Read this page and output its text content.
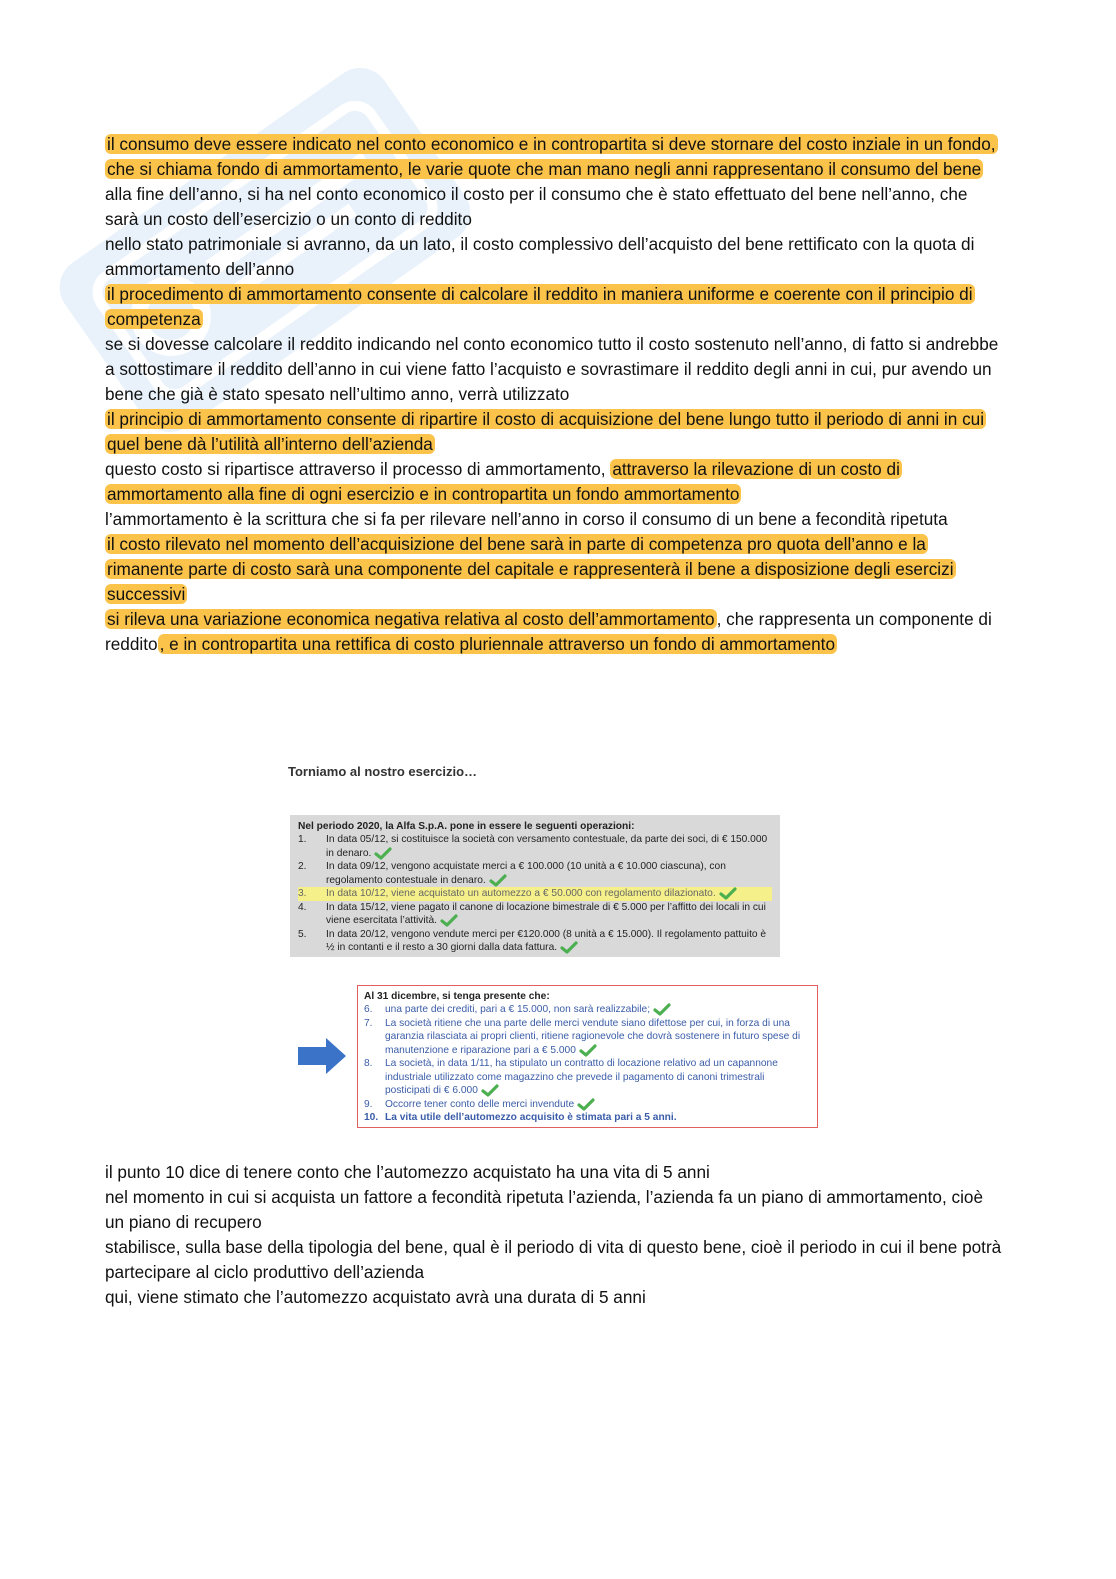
il consumo deve essere indicato nel conto economico e in contropartita si deve stornare del costo inziale in un fondo, che si chiama fondo di ammortamento, le varie quote che man mano negli anni rappresentano il consumo del bene

alla fine dell’anno, si ha nel conto economico il costo per il consumo che è stato effettuato del bene nell’anno, che sarà un costo dell’esercizio o un conto di reddito

nello stato patrimoniale si avranno, da un lato, il costo complessivo dell’acquisto del bene rettificato con la quota di ammortamento dell’anno

il procedimento di ammortamento consente di calcolare il reddito in maniera uniforme e coerente con il principio di competenza

se si dovesse calcolare il reddito indicando nel conto economico tutto il costo sostenuto nell’anno, di fatto si andrebbe a sottostimare il reddito dell’anno in cui viene fatto l’acquisto e sovrastimare il reddito degli anni in cui, pur avendo un bene che già è stato spesato nell’ultimo anno, verrà utilizzato

il principio di ammortamento consente di ripartire il costo di acquisizione del bene lungo tutto il periodo di anni in cui quel bene dà l’utilità all’interno dell’azienda

questo costo si ripartisce attraverso il processo di ammortamento, attraverso la rilevazione di un costo di ammortamento alla fine di ogni esercizio e in contropartita un fondo ammortamento

l’ammortamento è la scrittura che si fa per rilevare nell’anno in corso il consumo di un bene a fecondità ripetuta

il costo rilevato nel momento dell’acquisizione del bene sarà in parte di competenza pro quota dell’anno e la rimanente parte di costo sarà una componente del capitale e rappresenterà il bene a disposizione degli esercizi successivi

si rileva una variazione economica negativa relativa al costo dell’ammortamento , che rappresenta un componente di reddito , e in contropartita una rettifica di costo pluriennale attraverso un fondo di ammortamento

Torniamo al nostro esercizio…
Nel periodo 2020, la Alfa S.p.A. pone in essere le seguenti operazioni:
1.	In data 05/12, si costituisce la società con versamento contestuale, da parte dei soci, di € 150.000 in denaro.
2.	In data 09/12, vengono acquistate merci a € 100.000 (10 unità a € 10.000 ciascuna), con regolamento contestuale in denaro.
3.	In data 10/12, viene acquistato un automezzo a € 50.000 con regolamento dilazionato.
4.	In data 15/12, viene pagato il canone di locazione bimestrale di € 5.000 per l’affitto dei locali in cui viene esercitata l’attività.
5.	In data 20/12, vengono vendute merci per €120.000 (8 unità a € 15.000). Il regolamento pattuito è ½ in contanti e il resto a 30 giorni dalla data fattura.
Al 31 dicembre, si tenga presente che:
6.	una parte dei crediti, pari a € 15.000, non sarà realizzabile;
7.	La società ritiene che una parte delle merci vendute siano difettose per cui, in forza di una garanzia rilasciata ai propri clienti, ritiene ragionevole che dovrà sostenere in futuro spese di manutenzione e riparazione pari a € 5.000
8.	La società, in data 1/11, ha stipulato un contratto di locazione relativo ad un capannone industriale utilizzato come magazzino che prevede il pagamento di canoni trimestrali posticipati di € 6.000
9.	Occorre tener conto delle merci invendute
10. La vita utile dell’automezzo acquisito è stimata pari a 5 anni.

il punto 10 dice di tenere conto che l’automezzo acquistato ha una vita di 5 anni

nel momento in cui si acquista un fattore a fecondità ripetuta l’azienda, l’azienda fa un piano di ammortamento, cioè un piano di recupero

stabilisce, sulla base della tipologia del bene, qual è il periodo di vita di questo bene, cioè il periodo in cui il bene potrà partecipare al ciclo produttivo dell’azienda

qui, viene stimato che l’automezzo acquistato avrà una durata di 5 anni
